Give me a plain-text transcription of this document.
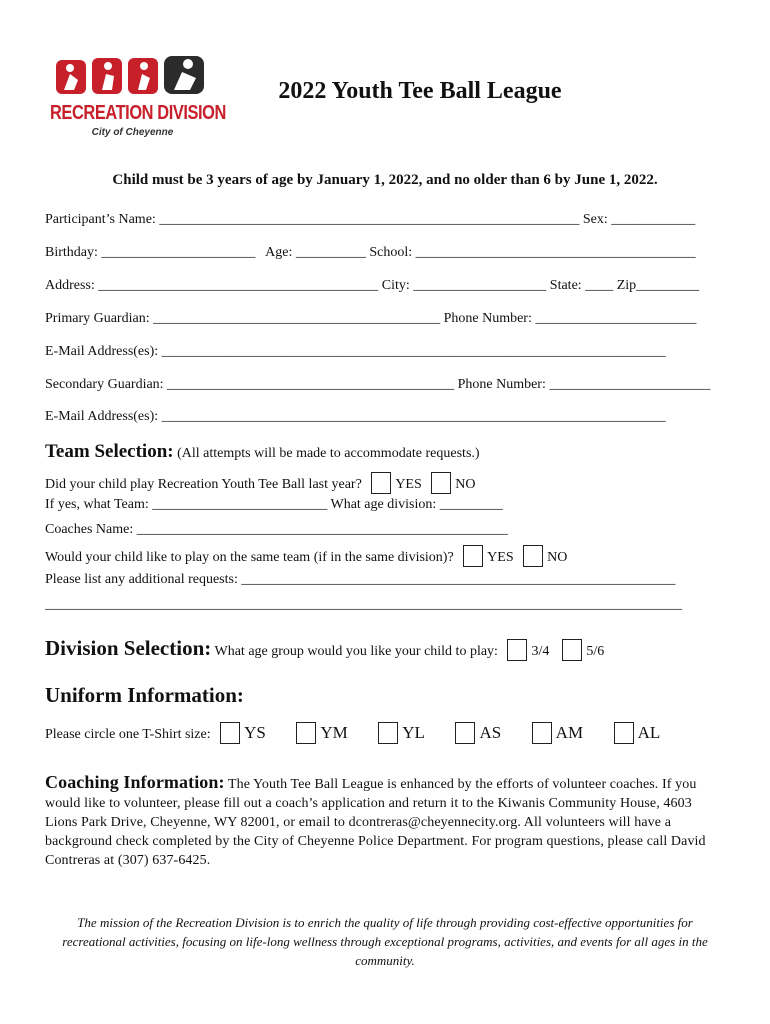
RECREATION DIVISION
City of Cheyenne
2022 Youth Tee Ball League
Child must be 3 years of age by January 1, 2022, and no older than 6 by June 1, 2022.
Participant’s Name: ____________________________________________________________ Sex: ____________
Birthday: ______________________ Age: __________ School: ________________________________________
Address: ________________________________________ City: ___________________ State: ____ Zip_________
Primary Guardian: _________________________________________ Phone Number: _______________________
E-Mail Address(es): ________________________________________________________________________
Secondary Guardian: _________________________________________ Phone Number: _______________________
E-Mail Address(es): ________________________________________________________________________
Team Selection: (All attempts will be made to accommodate requests.)
Did your child play Recreation Youth Tee Ball last year? YES NO
If yes, what Team: _________________________ What age division: _________
Coaches Name: _____________________________________________________
Would your child like to play on the same team (if in the same division)? YES NO
Please list any additional requests: ______________________________________________________________
___________________________________________________________________________________________
Division Selection: What age group would you like your child to play: 3/4	5/6
Uniform Information:
Please circle one T-Shirt size: YS	YM	YL	AS	AM	AL
Coaching Information: The Youth Tee Ball League is enhanced by the efforts of volunteer coaches. If you would like to volunteer, please fill out a coach’s application and return it to the Kiwanis Community House, 4603 Lions Park Drive, Cheyenne, WY 82001, or email to dcontreras@cheyennecity.org. All volunteers will have a background check completed by the City of Cheyenne Police Department. For program questions, please call David Contreras at (307) 637-6425.
The mission of the Recreation Division is to enrich the quality of life through providing cost-effective opportunities for recreational activities, focusing on life-long wellness through exceptional programs, activities, and events for all ages in the community.
